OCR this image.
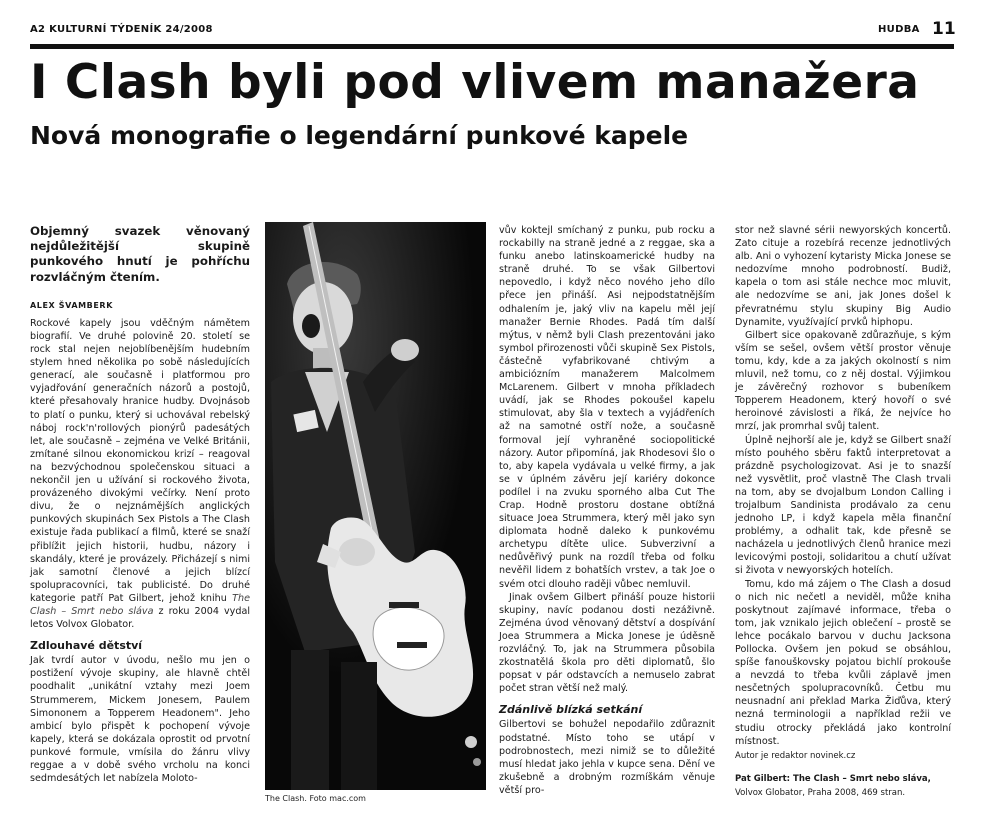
A2 KULTURNÍ TÝDENÍK 24/2008	HUDBA 11
I Clash byli pod vlivem manažera
Nová monografie o legendární punkové kapele
Objemný svazek věnovaný nejdůležitější skupině punkového hnutí je pohříchu rozvláčným čtením.
ALEX ŠVAMBERK

Rockové kapely jsou vděčným námětem biografií. Ve druhé polovině 20. století se rock stal nejen nejoblíbenějším hudebním stylem hned několika po sobě následujících generací, ale současně i platformou pro vyjadřování generačních názorů a postojů, které přesahovaly hranice hudby. Dvojnásob to platí o punku, který si uchovával rebelský náboj rock'n'rollových pionýrů padesátých let, ale současně – zejména ve Velké Británii, zmítané silnou ekonomickou krizí – reagoval na bezvýchodnou společenskou situaci a nekončil jen u užívání si rockového života, provázeného divokými večírky. Není proto divu, že o nejznámějších anglických punkových skupinách Sex Pistols a The Clash existuje řada publikací a filmů, které se snaží přiblížit jejich historii, hudbu, názory i skandály, které je provázely. Přicházejí s nimi jak samotní členové a jejich blízcí spolupracovníci, tak publicisté. Do druhé kategorie patří Pat Gilbert, jehož knihu The Clash – Smrt nebo sláva z roku 2004 vydal letos Volvox Globator.

Zdlouhavé dětství

Jak tvrdí autor v úvodu, nešlo mu jen o postižení vývoje skupiny, ale hlavně chtěl poodhalit „unikátní vztahy mezi Joem Strummerem, Mickem Jonesem, Paulem Simononem a Topperem Headonem". Jeho ambicí bylo přispět k pochopení vývoje kapely, která se dokázala oprostit od prvotní punkové formule, vmísila do žánru vlivy reggae a v době svého vrcholu na konci sedmdesátých let nabízela Moloto-

The Clash. Foto mac.com

vův koktejl smíchaný z punku, pub rocku a rockabilly na straně jedné a z reggae, ska a funku anebo latinskoamerické hudby na straně druhé. To se však Gilbertovi nepovedlo, i když něco nového jeho dílo přece jen přináší. Asi nejpodstatnějším odhalením je, jaký vliv na kapelu měl její manažer Bernie Rhodes. Padá tím další mýtus, v němž byli Clash prezentováni jako symbol přirozenosti vůči skupině Sex Pistols, částečně vyfabrikované chtivým a ambiciózním manažerem Malcolmem McLarenem. Gilbert v mnoha příkladech uvádí, jak se Rhodes pokoušel kapelu stimulovat, aby šla v textech a vyjádřeních až na samotné ostří nože, a současně formoval její vyhraněné sociopolitické názory. Autor připomíná, jak Rhodesovi šlo o to, aby kapela vydávala u velké firmy, a jak se v úplném závěru její kariéry dokonce podílel i na zvuku sporného alba Cut The Crap. Hodně prostoru dostane obtížná situace Joea Strummera, který měl jako syn diplomata hodně daleko k punkovému archetypu dítěte ulice. Subverzivní a nedůvěřivý punk na rozdíl třeba od folku nevěřil lidem z bohatších vrstev, a tak Joe o svém otci dlouho raději vůbec nemluvil.

Jinak ovšem Gilbert přináší pouze historii skupiny, navíc podanou dosti nezáživně. Zejména úvod věnovaný dětství a dospívání Joea Strummera a Micka Jonese je úděsně rozvláčný. To, jak na Strummera působila zkostnatělá škola pro děti diplomatů, šlo popsat v pár odstavcích a nemuselo zabrat počet stran větší než malý.

Zdánlivě blízká setkání

Gilbertovi se bohužel nepodařilo zdůraznit podstatné. Místo toho se utápí v podrobnostech, mezi nimiž se to důležité musí hledat jako jehla v kupce sena. Dění ve zkušebně a drobným rozmíškám věnuje větší pro-

stor než slavné sérii newyorských koncertů. Zato cituje a rozebírá recenze jednotlivých alb. Ani o vyhození kytaristy Micka Jonese se nedozvíme mnoho podrobností. Budiž, kapela o tom asi stále nechce moc mluvit, ale nedozvíme se ani, jak Jones došel k převratnému stylu skupiny Big Audio Dynamite, využívající prvků hiphopu.

Gilbert sice opakovaně zdůrazňuje, s kým vším se sešel, ovšem větší prostor věnuje tomu, kdy, kde a za jakých okolností s nim mluvil, než tomu, co z něj dostal. Výjimkou je závěrečný rozhovor s bubeníkem Topperem Headonem, který hovoří o své heroinové závislosti a říká, že nejvíce ho mrzí, jak promrhal svůj talent.

Úplně nejhorší ale je, když se Gilbert snaží místo pouhého sběru faktů interpretovat a prázdně psychologizovat. Asi je to snazší než vysvětlit, proč vlastně The Clash trvali na tom, aby se dvojalbum London Calling i trojalbum Sandinista prodávalo za cenu jednoho LP, i když kapela měla finanční problémy, a odhalit tak, kde přesně se nacházela u jednotlivých členů hranice mezi levicovými postoji, solidaritou a chutí užívat si života v newyorských hotelích.

Tomu, kdo má zájem o The Clash a dosud o nich nic nečetl a neviděl, může kniha poskytnout zajímavé informace, třeba o tom, jak vznikalo jejich oblečení – prostě se lehce pocákalo barvou v duchu Jacksona Pollocka. Ovšem jen pokud se obsáhlou, spíše fanouškovsky pojatou bichlí prokouše a nevzdá to třeba kvůli záplavě jmen nesčetných spolupracovníků. Četbu mu neusnadní ani překlad Marka Žiďůva, který nezná terminologii a například režii ve studiu otrocky překládá jako kontrolní místnost.

Autor je redaktor novinek.cz
Pat Gilbert: The Clash – Smrt nebo sláva,
Volvox Globator, Praha 2008, 469 stran.
